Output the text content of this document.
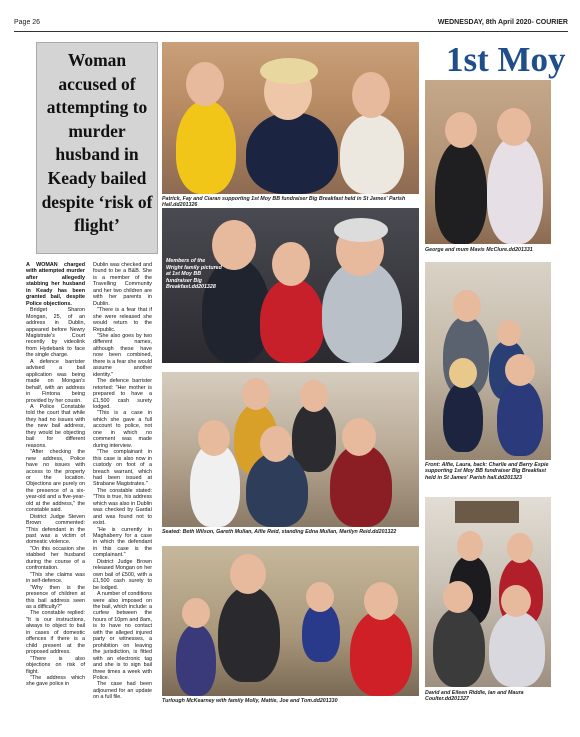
Page 26	WEDNESDAY, 8th April 2020- COURIER
Woman accused of attempting to murder husband in Keady bailed despite ‘risk of flight’

A WOMAN charged with attempted murder after allegedly stabbing her husband in Keady has been granted bail, despite Police objections.

Bridget Sharon Mongan, 25, of an address in Dublin, appeared before Newry Magistrate's Court recently by videolink from Hydebank to face the single charge.

A defence barrister advised a bail application was being made on Mongan's behalf, with an address in Fintona being provided by her cousin.

A Police Constable told the court that while they had no issues with the new bail address, they would be objecting bail for different reasons.

"After checking the new address, Police have no issues with access to the property or the location. Objections are purely on the presence of a six-year-old and a five-year-old at the address," the constable said.

District Judge Steven Brown commented: "This defendant in the past was a victim of domestic violence.

"On this occasion she stabbed her husband during the course of a confrontation.

"This she claims was in self-defence.

"Why then is the presence of children at this bail address seen as a difficulty?"

The constable replied: "It is our instructions, always to object to bail in cases of domestic offences if there is a child present at the proposed address.

"There is also objections on risk of flight.

"The address which she gave police in

Dublin was checked and found to be a B&B. She is a member of the Travelling Community and her two children are with her parents in Dublin.

"There is a fear that if she were released she would return to the Republic.

"She also goes by two different names, although these have now been combined, there is a fear she would assume another identity."

The defence barrister retorted: "Her mother is prepared to have a £1,500 cash surety lodged.

"This is a case in which she gave a full account to police, not one in which no comment was made during interview.

"The complainant in this case is also now in custody on foot of a breach warrant, which had been issued at Strabane Magistrates."

The constable stated: "This is true, his address which was also in Dublin was checked by Gardaí and was found not to exist.

"He is currently in Maghaberry for a case in which the defendant in this case is the complainant."

District Judge Brown released Mongan on her own bail of £500, with a £1,500 cash surety to be lodged.

A number of conditions were also imposed on the bail, which include: a curfew between the hours of 10pm and 8am, is to have no contact with the alleged injured party or witnesses, a prohibition on leaving the jurisdiction, is fitted with an electronic tag and she is to sign bail three times a week with Police.

The case had been adjourned for an update on a full file.

1st Moy
Patrick, Fay and Ciaran supporting 1st Moy BB fundraiser Big Breakfast held in St James' Parish Hall.dd201326
Members of the Wright family pictured at 1st Moy BB fundraiser Big Breakfast.dd201328
Seated: Beth Wilson, Gareth Mullan, Alfie Reid, standing Edna Mullan, Marilyn Reid.dd201322
Turlough McKearney with family Molly, Mattie, Joe and Tom.dd201330
George and mum Mavis McClure.dd201331
Front: Alfie, Laura, back: Charlie and Barry Espie supporting 1st Moy BB fundraiser Big Breakfast held in St James' Parish hall.dd201323
David and Eileen Riddle, Ian and Maura Coulter.dd201327
